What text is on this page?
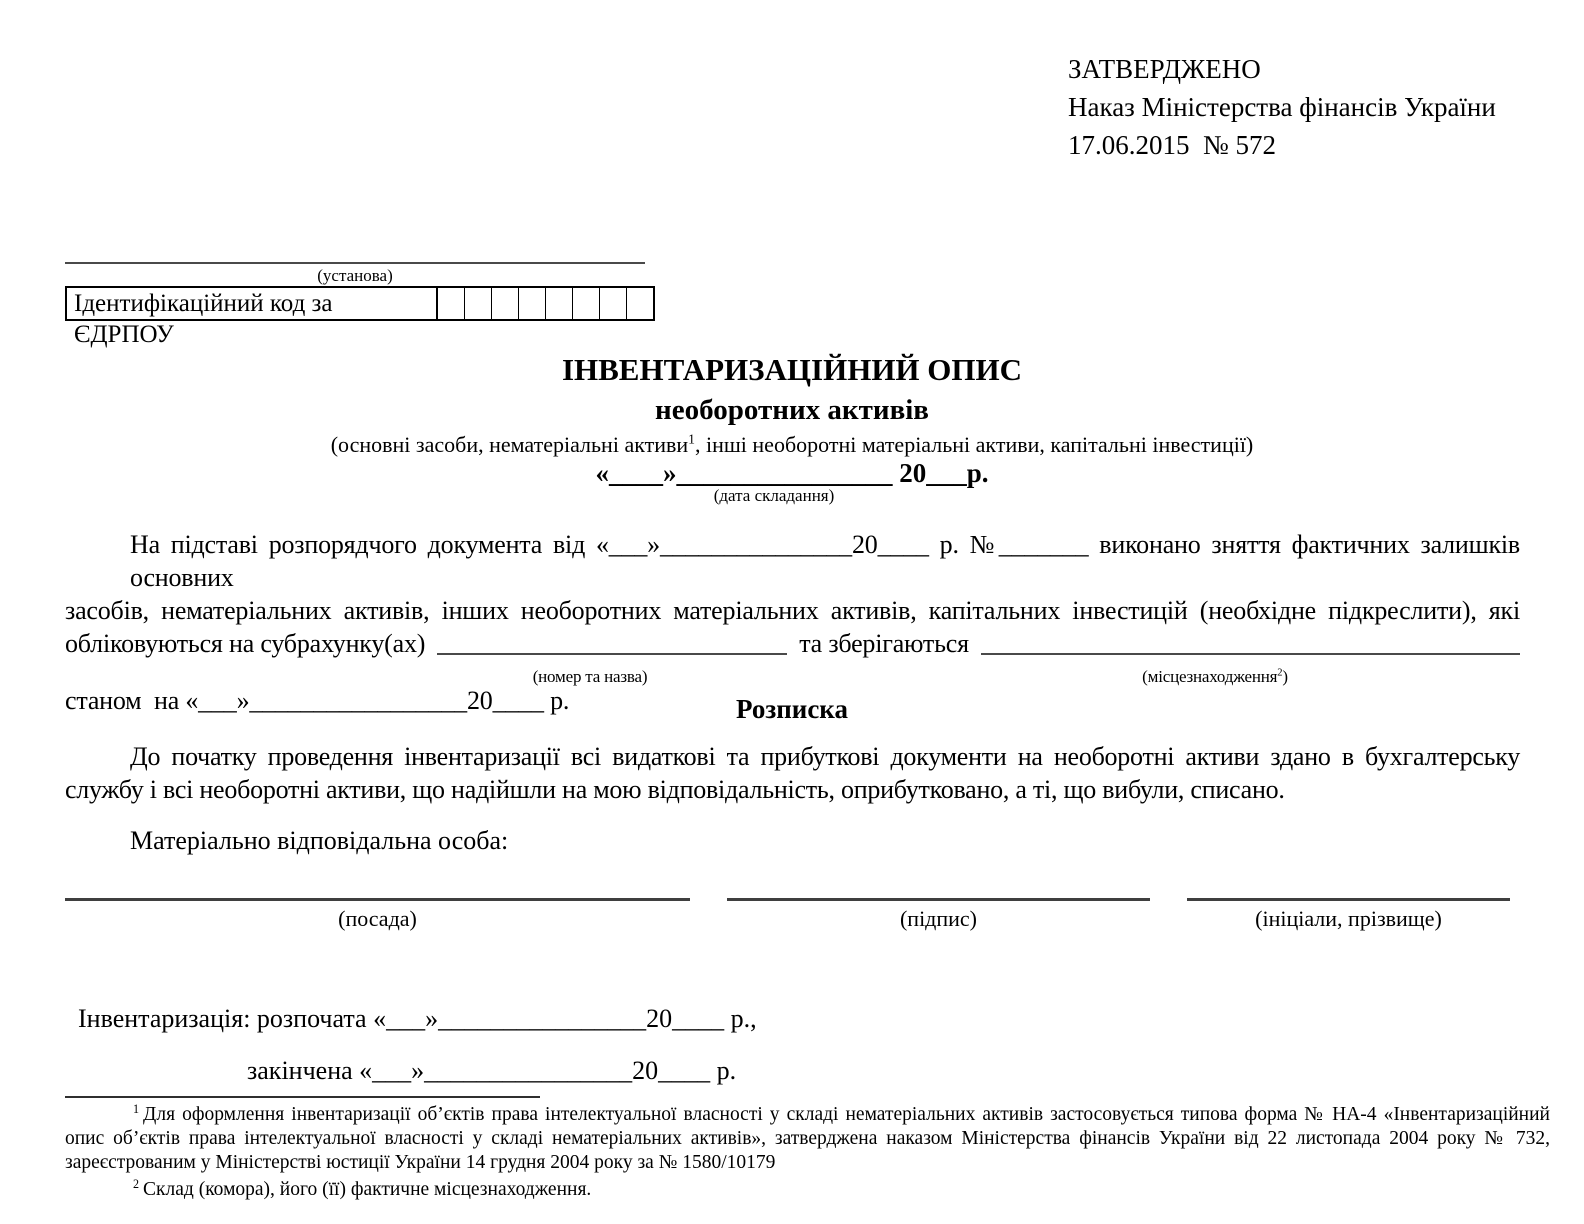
ЗАТВЕРДЖЕНО
Наказ Міністерства фінансів України
17.06.2015  № 572
(установа)
Ідентифікаційний код за ЄДРПОУ
ІНВЕНТАРИЗАЦІЙНИЙ ОПИС
необоротних активів
(основні засоби, нематеріальні активи$^1$, інші необоротні матеріальні активи, капітальні інвестиції)
«____»________________ 20___р.
(дата складання)
На підставі розпорядчого документа від «___»_______________20____ р. №_______ виконано зняття фактичних залишків основних
засобів, нематеріальних активів, інших необоротних матеріальних активів, капітальних інвестицій (необхідне підкреслити), які
обліковуються на субрахунку(ах)	та зберігаються
(номер та назва)	(місцезнаходження$^2$)
станом  на «___»_________________20____ р.	Розписка
До початку проведення інвентаризації всі видаткові та прибуткові документи на необоротні активи здано в бухгалтерську службу і всі необоротні активи, що надійшли на мою відповідальність, оприбутковано, а ті, що вибули, списано.
Матеріально відповідальна особа:
(посада)	(підпис)	(ініціали, прізвище)
Інвентаризація: розпочата «___»________________20____ р.,
закінчена «___»________________20____ р.
$^1$ Для оформлення інвентаризації об’єктів права інтелектуальної власності у складі нематеріальних активів застосовується типова форма № НА-4 «Інвентаризаційний опис об’єктів права інтелектуальної власності у складі нематеріальних активів», затверджена наказом Міністерства фінансів України від 22 листопада 2004 року № 732, зареєстрованим у Міністерстві юстиції України 14 грудня 2004 року за № 1580/10179
$^2$ Склад (комора), його (її) фактичне місцезнаходження.
